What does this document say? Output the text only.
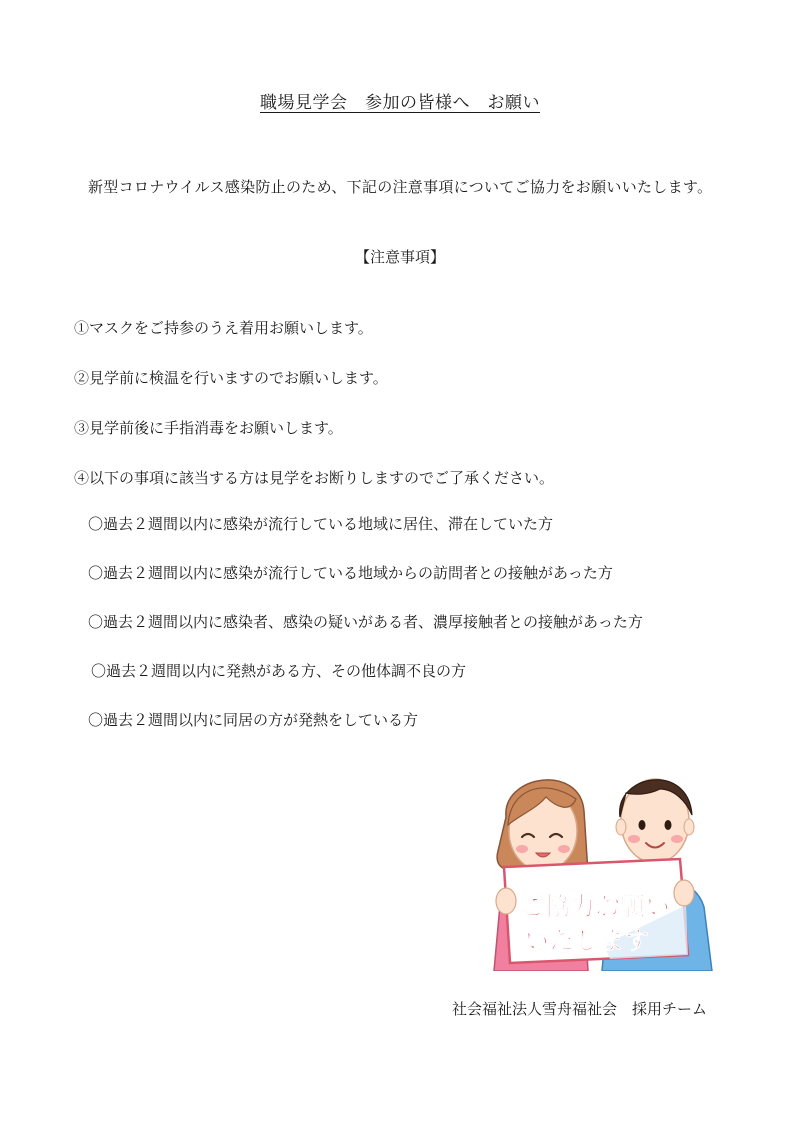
職場見学会　参加の皆様へ　お願い
新型コロナウイルス感染防止のため、下記の注意事項についてご協力をお願いいたします。
【注意事項】
①マスクをご持参のうえ着用お願いします。
②見学前に検温を行いますのでお願いします。
③見学前後に手指消毒をお願いします。
④以下の事項に該当する方は見学をお断りしますのでご了承ください。
〇過去２週間以内に感染が流行している地域に居住、滞在していた方
〇過去２週間以内に感染が流行している地域からの訪問者との接触があった方
〇過去２週間以内に感染者、感染の疑いがある者、濃厚接触者との接触があった方
〇過去２週間以内に発熱がある方、その他体調不良の方
〇過去２週間以内に同居の方が発熱をしている方
ご協力お願い
いたします
社会福祉法人雪舟福祉会　採用チーム
